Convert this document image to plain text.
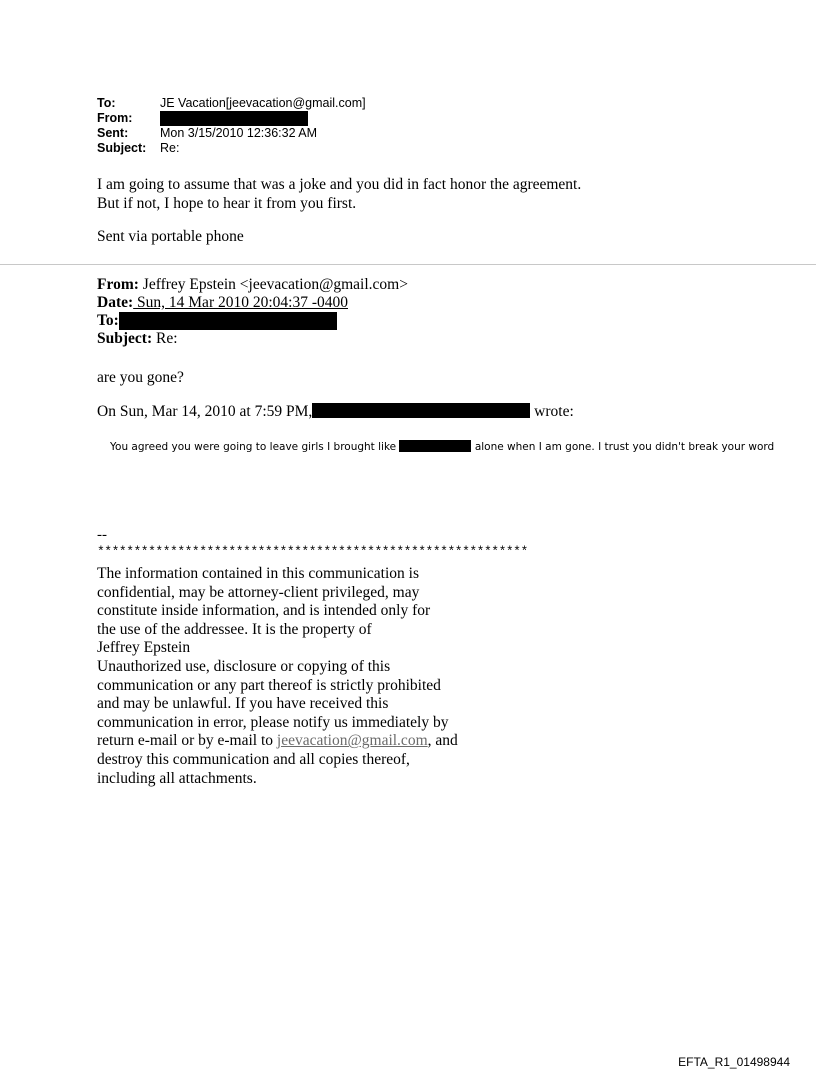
To:	JE Vacation[jeevacation@gmail.com]
From:
Sent:	Mon 3/15/2010 12:36:32 AM
Subject:	Re:
I am going to assume that was a joke and you did in fact honor the agreement.
But if not, I hope to hear it from you first.
Sent via portable phone
From: Jeffrey Epstein <jeevacation@gmail.com>
Date: Sun, 14 Mar 2010 20:04:37 -0400
To:
Subject: Re:
are you gone?
On Sun, Mar 14, 2010 at 7:59 PM,	wrote:
You agreed you were going to leave girls I brought like	alone when I am gone. I trust you didn't break your word
--
***********************************************************
The information contained in this communication is
confidential, may be attorney-client privileged, may
constitute inside information, and is intended only for
the use of the addressee. It is the property of
Jeffrey Epstein
Unauthorized use, disclosure or copying of this
communication or any part thereof is strictly prohibited
and may be unlawful. If you have received this
communication in error, please notify us immediately by
return e-mail or by e-mail to jeevacation@gmail.com, and
destroy this communication and all copies thereof,
including all attachments.
EFTA_R1_01498944
